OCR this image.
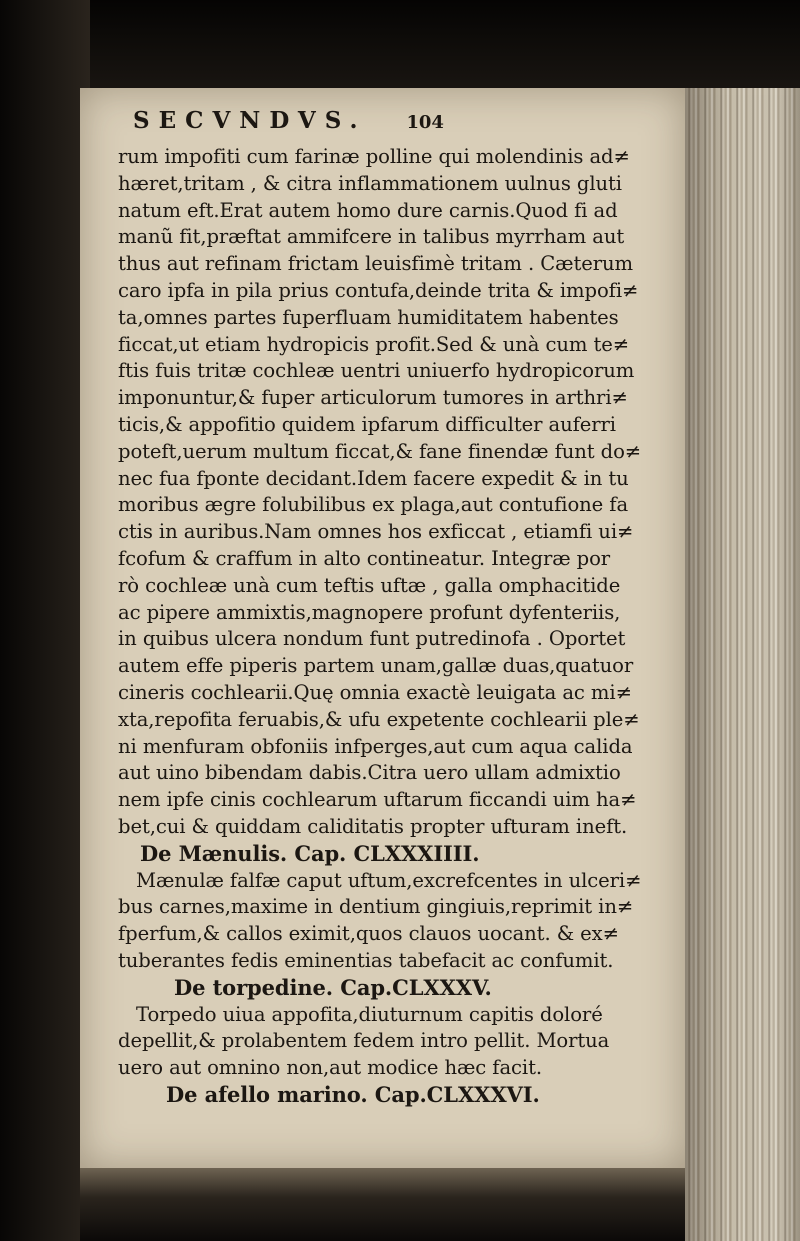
SECVNDVS. 104
rum impofiti cum farinæ polline qui molendinis ad≠
hæret,tritam , & citra inflammationem uulnus gluti
natum eft.Erat autem homo dure carnis.Quod fi ad
manũ fit,præftat ammifcere in talibus myrrham aut
thus aut refinam frictam leuisfimè tritam . Cæterum
caro ipfa in pila prius contufa,deinde trita & impofi≠
ta,omnes partes fuperfluam humiditatem habentes
ficcat,ut etiam hydropicis profit.Sed & unà cum te≠
ftis fuis tritæ cochleæ uentri uniuerfo hydropicorum
imponuntur,& fuper articulorum tumores in arthri≠
ticis,& appofitio quidem ipfarum difficulter auferri
poteft,uerum multum ficcat,& fane finendæ funt do≠
nec fua fponte decidant.Idem facere expedit & in tu
moribus ægre folubilibus ex plaga,aut contufione fa
ctis in auribus.Nam omnes hos exficcat , etiamfi ui≠
fcofum & craffum in alto contineatur. Integræ por
rò cochleæ unà cum teftis uftæ , galla omphacitide
ac pipere ammixtis,magnopere profunt dyfenteriis,
in quibus ulcera nondum funt putredinofa . Oportet
autem effe piperis partem unam,gallæ duas,quatuor
cineris cochlearii.Quę omnia exactè leuigata ac mi≠
xta,repofita feruabis,& ufu expetente cochlearii ple≠
ni menfuram obfoniis infperges,aut cum aqua calida
aut uino bibendam dabis.Citra uero ullam admixtio
nem ipfe cinis cochlearum uftarum ficcandi uim ha≠
bet,cui & quiddam caliditatis propter ufturam ineft.
De Mænulis. Cap. CLXXXIIII.
Mænulæ falfæ caput uftum,excrefcentes in ulceri≠
bus carnes,maxime in dentium gingiuis,reprimit in≠
fperfum,& callos eximit,quos clauos uocant. & ex≠
tuberantes fedis eminentias tabefacit ac confumit.
De torpedine. Cap.CLXXXV.
Torpedo uiua appofita,diuturnum capitis doloré
depellit,& prolabentem fedem intro pellit. Mortua
uero aut omnino non,aut modice hæc facit.
De afello marino. Cap.CLXXXVI.
